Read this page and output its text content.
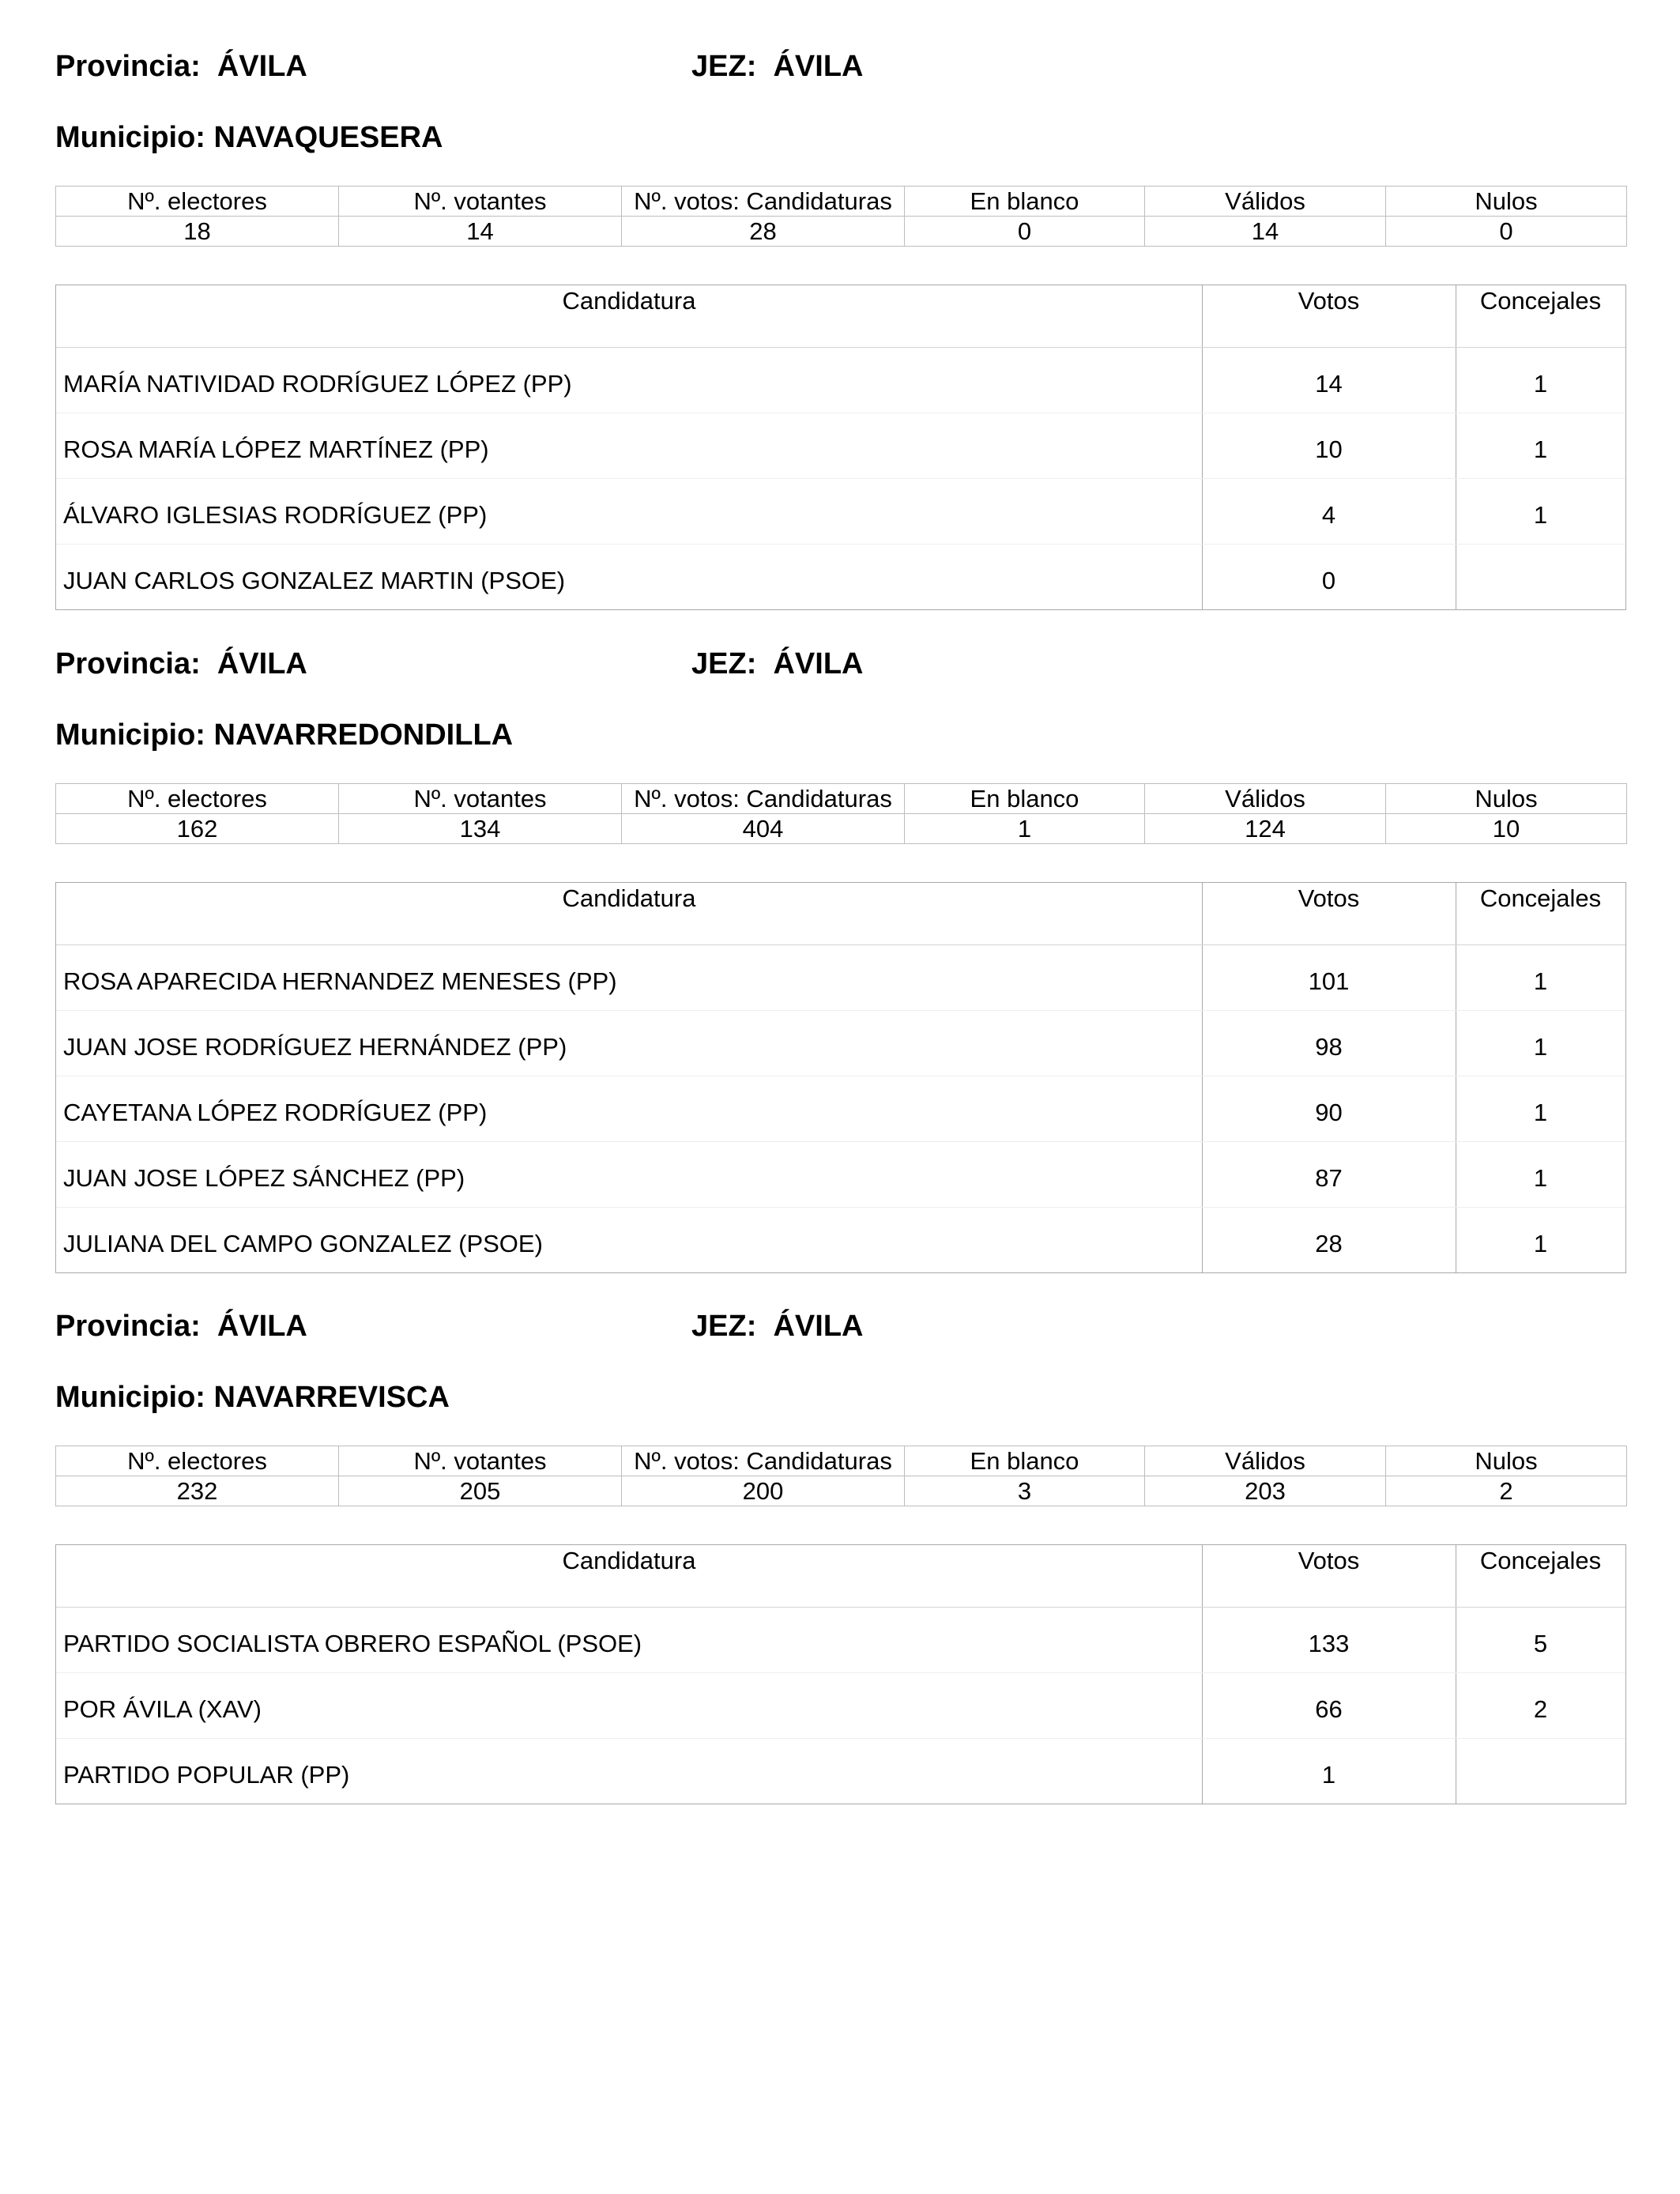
Provincia: ÁVILA	JEZ: ÁVILA
Municipio: NAVAQUESERA
Nº. electores	Nº. votantes	Nº. votos: Candidaturas	En blanco	Válidos	Nulos
18	14	28	0	14	0
Candidatura	Votos	Concejales
MARÍA NATIVIDAD RODRÍGUEZ LÓPEZ (PP)	14	1
ROSA MARÍA LÓPEZ MARTÍNEZ (PP)	10	1
ÁLVARO IGLESIAS RODRÍGUEZ (PP)	4	1
JUAN CARLOS GONZALEZ MARTIN (PSOE)	0
Provincia: ÁVILA	JEZ: ÁVILA
Municipio: NAVARREDONDILLA
Nº. electores	Nº. votantes	Nº. votos: Candidaturas	En blanco	Válidos	Nulos
162	134	404	1	124	10
Candidatura	Votos	Concejales
ROSA APARECIDA HERNANDEZ MENESES (PP)	101	1
JUAN JOSE RODRÍGUEZ HERNÁNDEZ (PP)	98	1
CAYETANA LÓPEZ RODRÍGUEZ (PP)	90	1
JUAN JOSE LÓPEZ SÁNCHEZ (PP)	87	1
JULIANA DEL CAMPO GONZALEZ (PSOE)	28	1
Provincia: ÁVILA	JEZ: ÁVILA
Municipio: NAVARREVISCA
Nº. electores	Nº. votantes	Nº. votos: Candidaturas	En blanco	Válidos	Nulos
232	205	200	3	203	2
Candidatura	Votos	Concejales
PARTIDO SOCIALISTA OBRERO ESPAÑOL (PSOE)	133	5
POR ÁVILA (XAV)	66	2
PARTIDO POPULAR (PP)	1
